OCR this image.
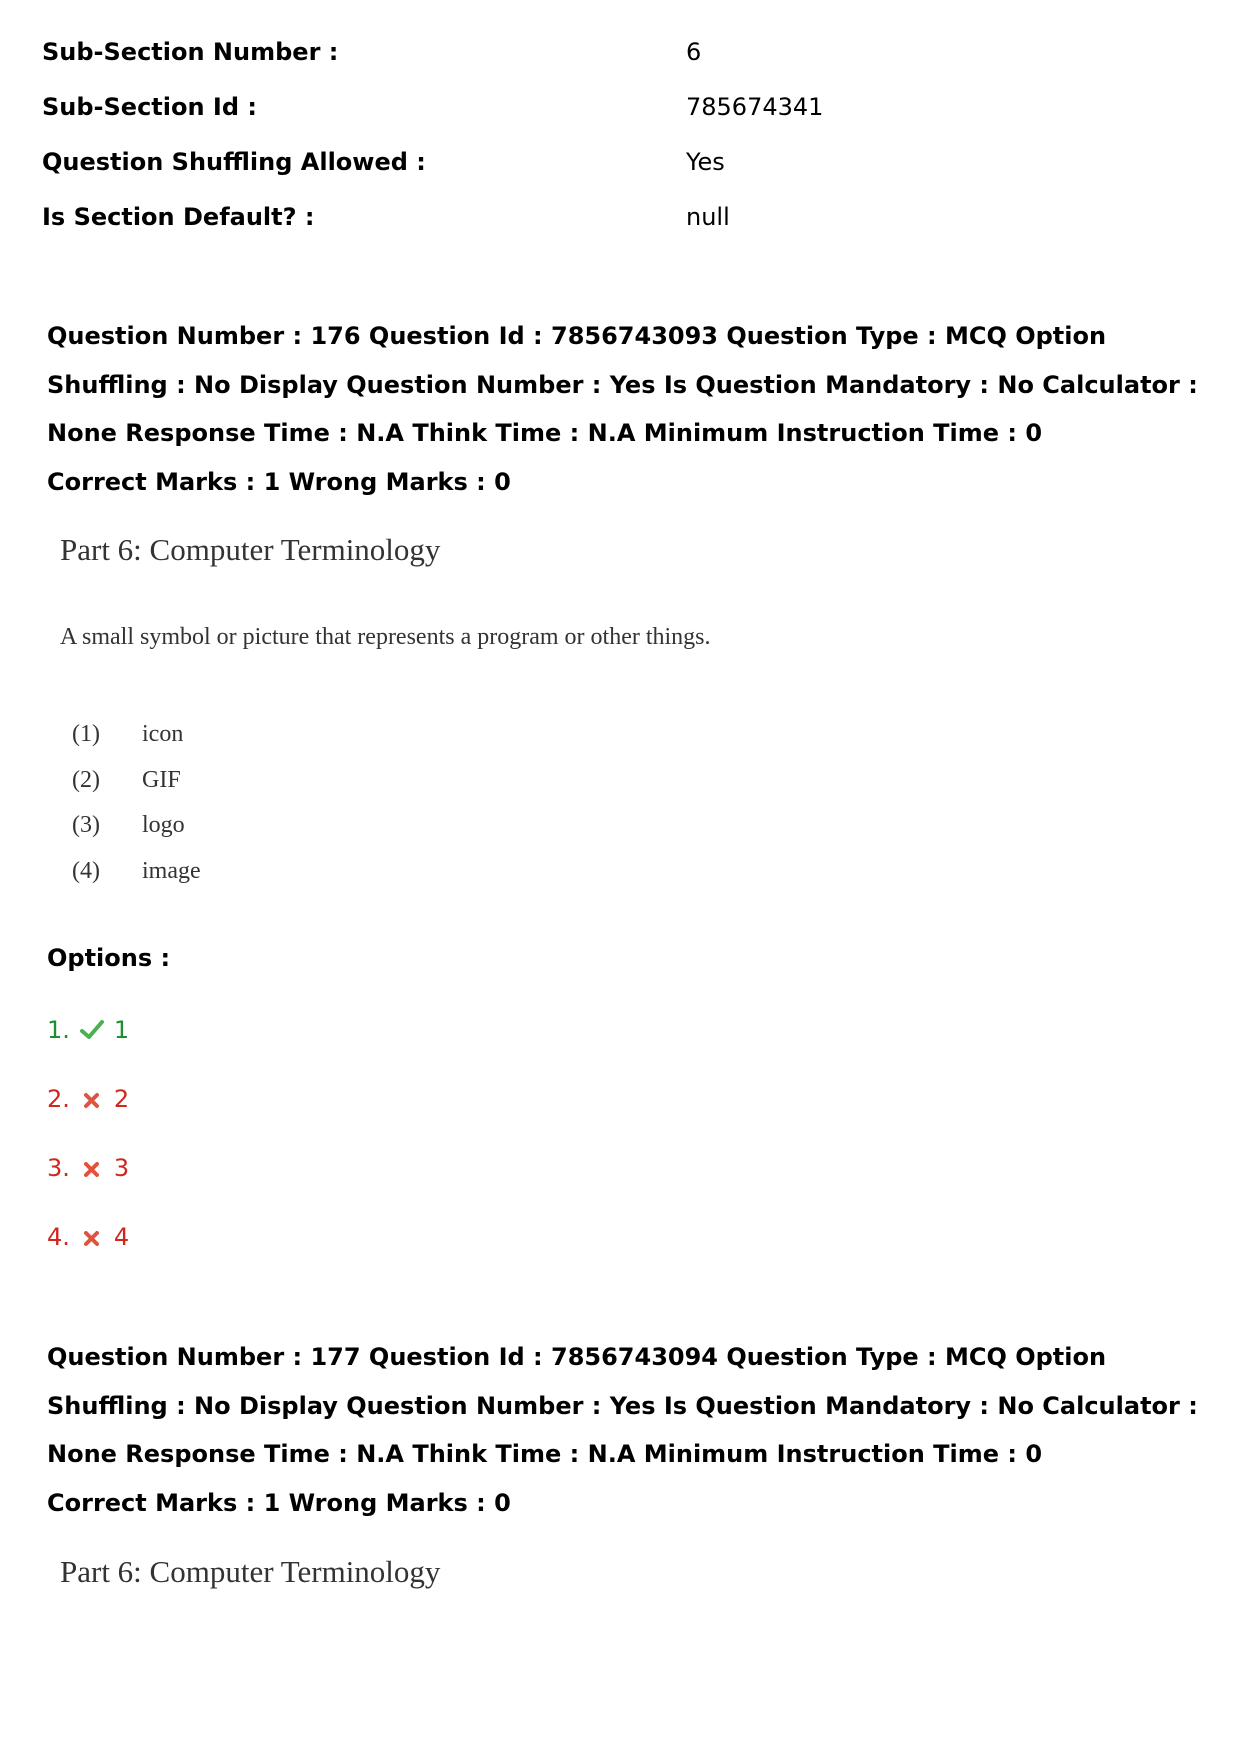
Sub-Section Number :	6
Sub-Section Id :	785674341
Question Shuffling Allowed :	Yes
Is Section Default? :	null

Question Number : 176 Question Id : 7856743093 Question Type : MCQ Option Shuffling : No Display Question Number : Yes Is Question Mandatory : No Calculator : None Response Time : N.A Think Time : N.A Minimum Instruction Time : 0

Correct Marks : 1 Wrong Marks : 0
Part 6: Computer Terminology
A small symbol or picture that represents a program or other things.
(1)	icon
(2)	GIF
(3)	logo
(4)	image
Options :
1. 1
2. 2
3. 3
4. 4

Question Number : 177 Question Id : 7856743094 Question Type : MCQ Option Shuffling : No Display Question Number : Yes Is Question Mandatory : No Calculator : None Response Time : N.A Think Time : N.A Minimum Instruction Time : 0

Correct Marks : 1 Wrong Marks : 0
Part 6: Computer Terminology
